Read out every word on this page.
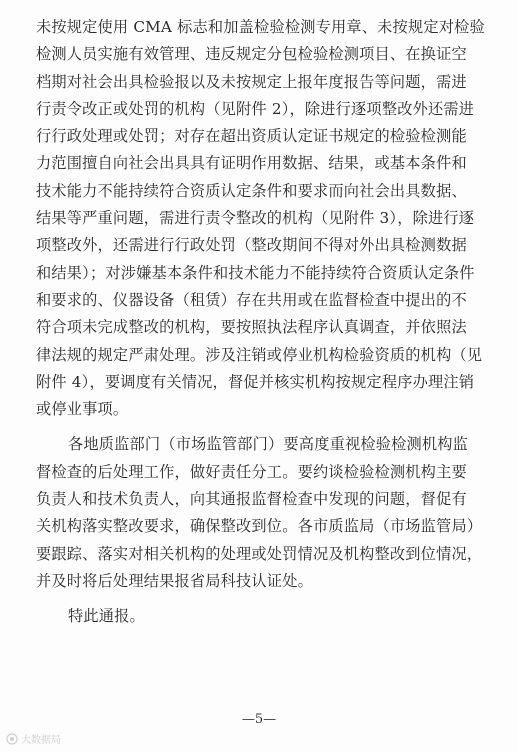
未按规定使用 CMA 标志和加盖检验检测专用章、未按规定对检验
检测人员实施有效管理、违反规定分包检验检测项目、在换证空
档期对社会出具检验报以及未按规定上报年度报告等问题，需进
行责令改正或处罚的机构（见附件 2），除进行逐项整改外还需进
行行政处理或处罚；对存在超出资质认定证书规定的检验检测能
力范围擅自向社会出具具有证明作用数据、结果，或基本条件和
技术能力不能持续符合资质认定条件和要求而向社会出具数据、
结果等严重问题，需进行责令整改的机构（见附件 3），除进行逐
项整改外，还需进行行政处罚（整改期间不得对外出具检测数据
和结果）；对涉嫌基本条件和技术能力不能持续符合资质认定条件
和要求的、仪器设备（租赁）存在共用或在监督检查中提出的不
符合项未完成整改的机构，要按照执法程序认真调查，并依照法
律法规的规定严肃处理。涉及注销或停业机构检验资质的机构（见
附件 4），要调度有关情况，督促并核实机构按规定程序办理注销
或停业事项。
各地质监部门（市场监管部门）要高度重视检验检测机构监
督检查的后处理工作，做好责任分工。要约谈检验检测机构主要
负责人和技术负责人，向其通报监督检查中发现的问题，督促有
关机构落实整改要求，确保整改到位。各市质监局（市场监管局）
要跟踪、落实对相关机构的处理或处罚情况及机构整改到位情况，
并及时将后处理结果报省局科技认证处。
特此通报。
—5—
大数据局
